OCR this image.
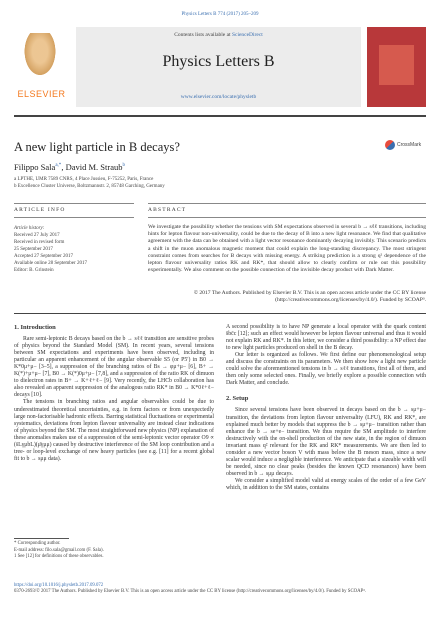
Physics Letters B 774 (2017) 205–209
ELSEVIER
Contents lists available at ScienceDirect
Physics Letters B
www.elsevier.com/locate/physletb
A new light particle in B decays?	CrossMark
Filippo Sala$^{a,*}$, David M. Straub$^b$
a LPTHE, UMR 7589 CNRS, 4 Place Jussieu, F-75252, Paris, France
b Excellence Cluster Universe, Boltzmannstr. 2, 85748 Garching, Germany
ARTICLE INFO	ABSTRACT
Article history:
Received 27 July 2017
Received in revised form
25 September 2017
Accepted 27 September 2017
Available online 28 September 2017
Editor: B. Grinstein
We investigate the possibility whether the tensions with SM expectations observed in several b → sℓℓ transitions, including hints for lepton flavour non-universality, could be due to the decay of B into a new light resonance. We find that qualitative agreement with the data can be obtained with a light vector resonance dominantly decaying invisibly. This scenario predicts a shift in the muon anomalous magnetic moment that could explain the long-standing discrepancy. The most stringent constraint comes from searches for B decays with missing energy. A striking prediction is a strong q² dependence of the lepton flavour universality ratios RK and RK*, that should allow to clearly confirm or rule out this possibility experimentally. We also comment on the possible connection of the invisible decay product with Dark Matter.
© 2017 The Authors. Published by Elsevier B.V. This is an open access article under the CC BY license (http://creativecommons.org/licenses/by/4.0/). Funded by SCOAP³.
1. Introduction

Rare semi-leptonic B decays based on the b → sℓℓ transition are sensitive probes of physics beyond the Standard Model (SM). In recent years, several tensions between SM expectations and experiments have been observed, including in particular an apparent enhancement of the angular observable S5 (or P5′) in B0 → K*0μ+μ− [3–5], a suppression of the branching ratios of Bs → φμ+μ− [6], B+ → K(*)+μ+μ− [7], B0 → K(*)0μ+μ− [7,8], and a suppression of the ratio RK of dimuon to dielectron rates in B+ → K+ℓ+ℓ− [9]. Very recently, the LHCb collaboration has also revealed an apparent suppression of the analogous ratio RK* in B0 → K*0ℓ+ℓ− decays [10].

The tensions in branching ratios and angular observables could be due to underestimated theoretical uncertainties, e.g. in form factors or from unexpectedly large non-factorisable hadronic effects. Barring statistical fluctuations or experimental systematics, deviations from lepton flavour universality are instead clear indications of physics beyond the SM. The most straightforward new physics (NP) explanation of these anomalies makes use of a suppression of the semi-leptonic vector operator O9 ∝ (s̄LγμbL)(μ̄γμμ) caused by destructive interference of the SM loop contribution and a tree- or loop-level exchange of new heavy particles (see e.g. [11] for a recent global fit to b → sμμ data).

A second possibility is to have NP generate a local operator with the quark content s̄bc̄c [12]; such an effect would however be lepton flavour universal and thus it would not explain RK and RK*. In this letter, we consider a third possibility: a NP effect due to new light particles produced on shell in the B decay.

Our letter is organized as follows. We first define our phenomenological setup and discuss the constraints on its parameters. We then show how a light new particle could solve the aforementioned tensions in b → sℓℓ transitions, first all of them, and then only some selected ones. Finally, we briefly explore a possible connection with Dark Matter, and conclude.

2. Setup

Since several tensions have been observed in decays based on the b → sμ+μ− transition, the deviations from lepton flavour universality (LFU), RK and RK*, are explained much better by models that suppress the b → sμ+μ− transition rather than enhance the b → se+e− transition. We thus require the SM amplitude to interfere destructively with the on-shell production of the new state, in the region of dimuon invariant mass q² relevant for the RK and RK* measurements. We are then led to consider a new vector boson V with mass below the B meson mass, since a new scalar would induce a negligible interference. We anticipate that a sizeable width will be needed, since no clear peaks (besides the known QCD resonances) have been observed in b → sμμ decays.

We consider a simplified model valid at energy scales of the order of a few GeV which, in addition to the SM states, contains

* Corresponding author.
E-mail address: filo.sala@gmail.com (F. Sala).
1 See [12] for definitions of these observables.
https://doi.org/10.1016/j.physletb.2017.09.072
0370-2693/© 2017 The Authors. Published by Elsevier B.V. This is an open access article under the CC BY license (http://creativecommons.org/licenses/by/4.0/). Funded by SCOAP³.
